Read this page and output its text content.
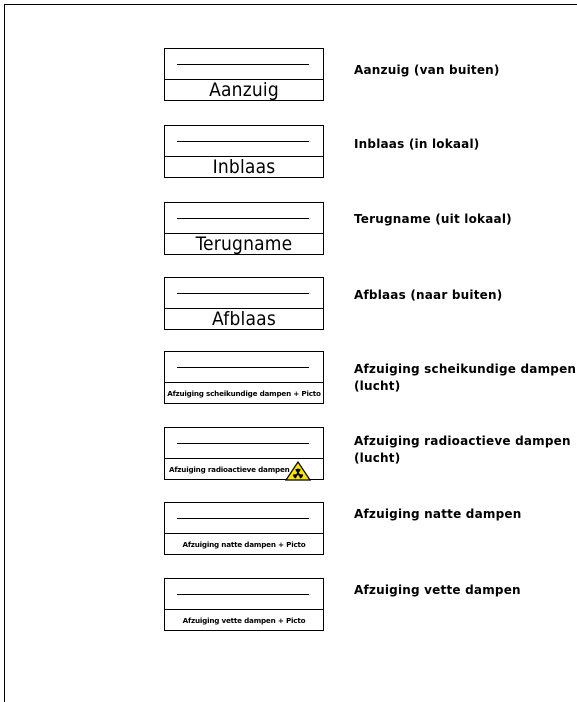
Aanzuig
Aanzuig (van buiten)
Inblaas
Inblaas (in lokaal)
Terugname
Terugname (uit lokaal)
Afblaas
Afblaas (naar buiten)
Afzuiging scheikundige dampen + Picto
Afzuiging scheikundige dampen
(lucht)
Afzuiging radioactieve dampen
Afzuiging radioactieve dampen
(lucht)
Afzuiging natte dampen + Picto
Afzuiging natte dampen
Afzuiging vette dampen + Picto
Afzuiging vette dampen
